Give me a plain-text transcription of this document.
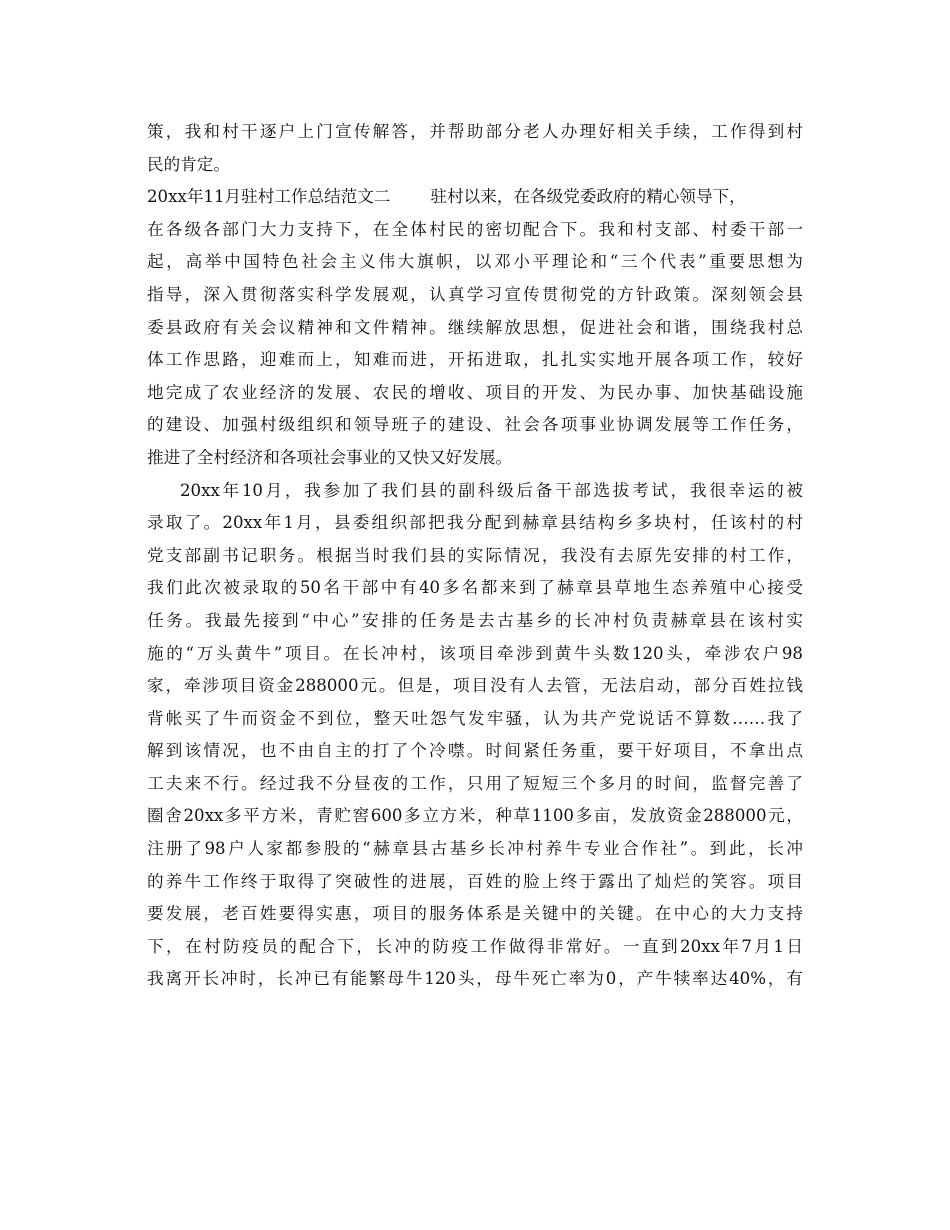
策，我和村干逐户上门宣传解答，并帮助部分老人办理好相关手续，工作得到村
民的肯定。
20xx年11月驻村工作总结范文二 驻村以来，在各级党委政府的精心领导下，
在各级各部门大力支持下，在全体村民的密切配合下。我和村支部、村委干部一
起，高举中国特色社会主义伟大旗帜，以邓小平理论和“三个代表”重要思想为
指导，深入贯彻落实科学发展观，认真学习宣传贯彻党的方针政策。深刻领会县
委县政府有关会议精神和文件精神。继续解放思想，促进社会和谐，围绕我村总
体工作思路，迎难而上，知难而进，开拓进取，扎扎实实地开展各项工作，较好
地完成了农业经济的发展、农民的增收、项目的开发、为民办事、加快基础设施
的建设、加强村级组织和领导班子的建设、社会各项事业协调发展等工作任务，
推进了全村经济和各项社会事业的又快又好发展。
20xx年10月，我参加了我们县的副科级后备干部选拔考试，我很幸运的被
录取了。20xx年1月，县委组织部把我分配到赫章县结构乡多块村，任该村的村
党支部副书记职务。根据当时我们县的实际情况，我没有去原先安排的村工作，
我们此次被录取的50名干部中有40多名都来到了赫章县草地生态养殖中心接受
任务。我最先接到“中心”安排的任务是去古基乡的长冲村负责赫章县在该村实
施的“万头黄牛”项目。在长冲村，该项目牵涉到黄牛头数120头，牵涉农户98
家，牵涉项目资金288000元。但是，项目没有人去管，无法启动，部分百姓拉钱
背帐买了牛而资金不到位，整天吐怨气发牢骚，认为共产党说话不算数……我了
解到该情况，也不由自主的打了个冷噤。时间紧任务重，要干好项目，不拿出点
工夫来不行。经过我不分昼夜的工作，只用了短短三个多月的时间，监督完善了
圈舍20xx多平方米，青贮窖600多立方米，种草1100多亩，发放资金288000元，
注册了98户人家都参股的“赫章县古基乡长冲村养牛专业合作社”。到此，长冲
的养牛工作终于取得了突破性的进展，百姓的脸上终于露出了灿烂的笑容。项目
要发展，老百姓要得实惠，项目的服务体系是关键中的关键。在中心的大力支持
下，在村防疫员的配合下，长冲的防疫工作做得非常好。一直到20xx年7月1日
我离开长冲时，长冲已有能繁母牛120头，母牛死亡率为0，产牛犊率达40%，有
